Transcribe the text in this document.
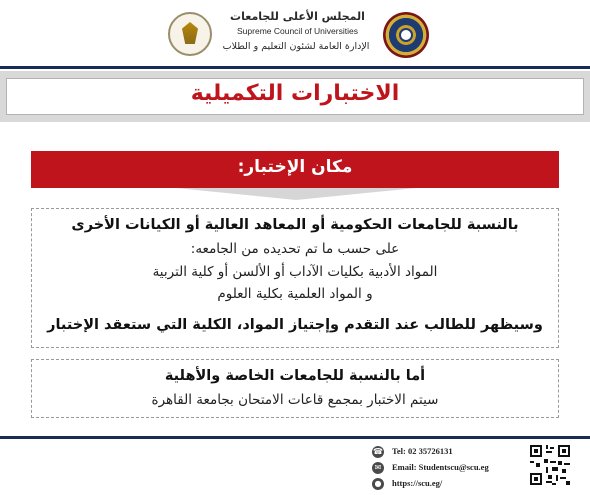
المجلس الأعلى للجامعات
Supreme Council of Universities
الإدارة العامة لشئون التعليم و الطلاب
الاختبارات التكميلية
مكان الإختبار:
بالنسبة للجامعات الحكومية أو المعاهد العالية أو الكيانات الأخرى
على حسب ما تم تحديده من الجامعه:
المواد الأدبية بكليات الآداب أو الألسن أو كلية التربية
و المواد العلمية بكلية العلوم
وسيظهر للطالب عند التقدم وإجتياز المواد، الكلية التي ستعقد الإختبار
أما بالنسبة للجامعات الخاصة والأهلية
سيتم الاختبار بمجمع قاعات الامتحان بجامعة القاهرة
☎ Tel: 02 35726131
✉	Email: Studentscu@scu.eg
● https://scu.eg/
